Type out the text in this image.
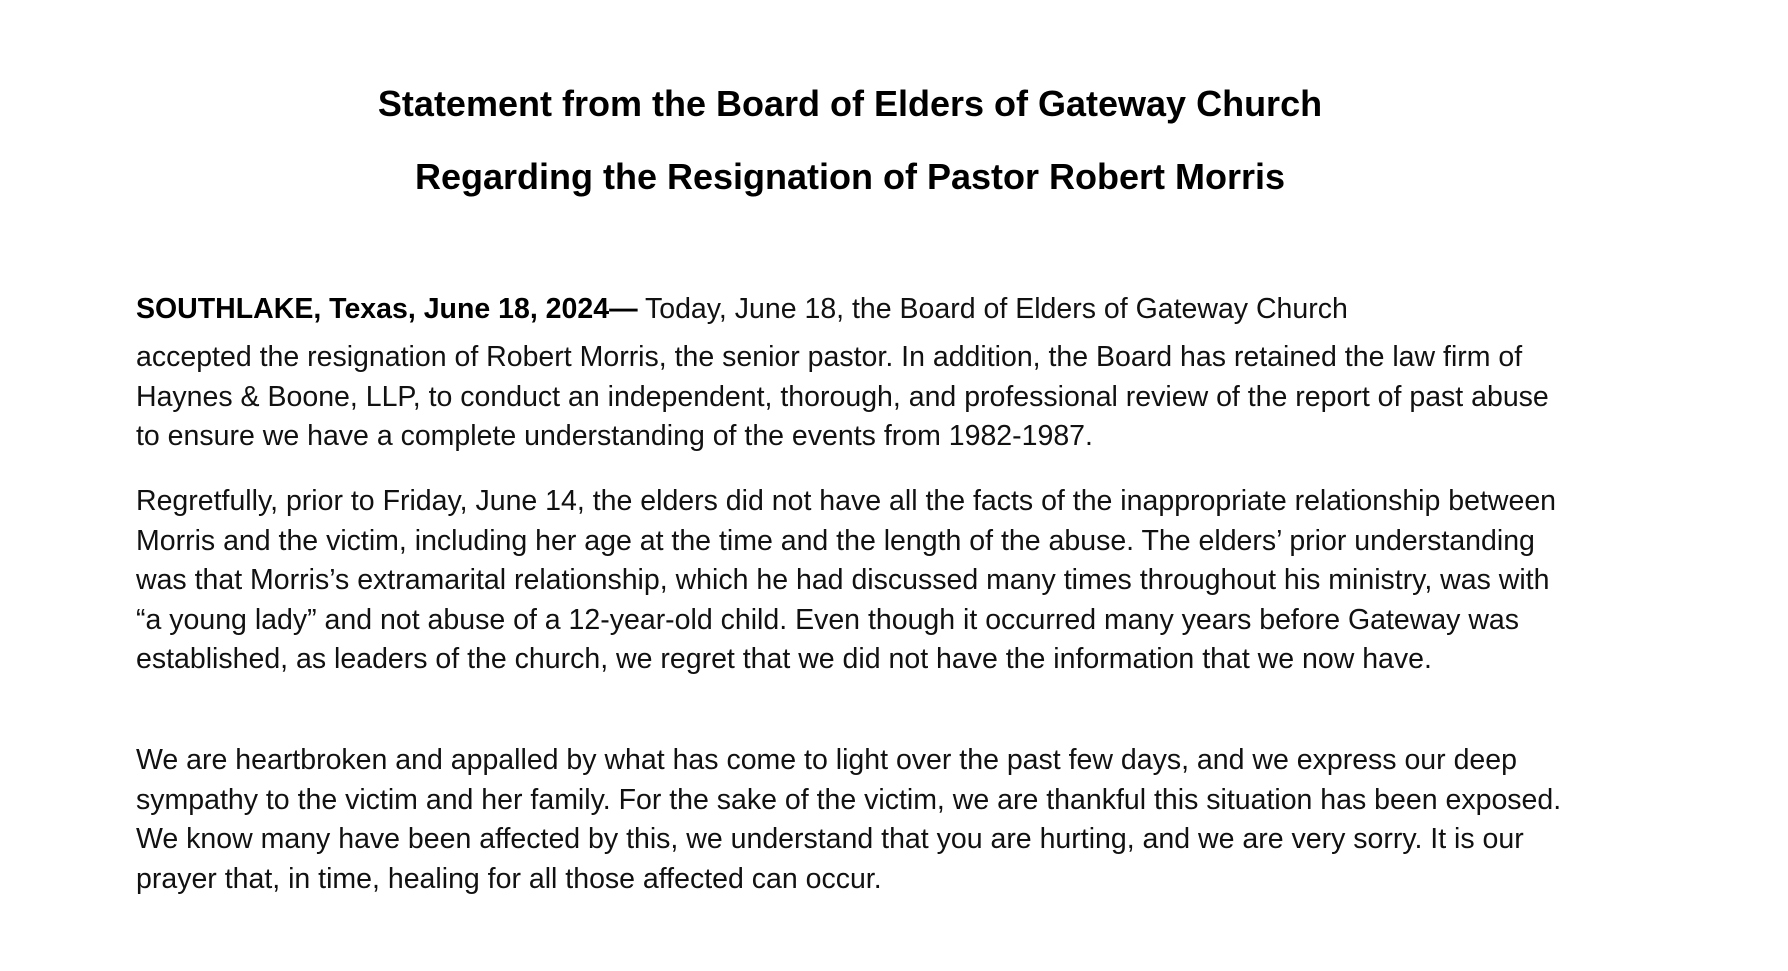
Statement from the Board of Elders of Gateway Church
Regarding the Resignation of Pastor Robert Morris
SOUTHLAKE, Texas, June 18, 2024— Today, June 18, the Board of Elders of Gateway Church

accepted the resignation of Robert Morris, the senior pastor. In addition, the Board has retained the law firm of Haynes & Boone, LLP, to conduct an independent, thorough, and professional review of the report of past abuse to ensure we have a complete understanding of the events from 1982-1987.

Regretfully, prior to Friday, June 14, the elders did not have all the facts of the inappropriate relationship between Morris and the victim, including her age at the time and the length of the abuse. The elders’ prior understanding was that Morris’s extramarital relationship, which he had discussed many times throughout his ministry, was with “a young lady” and not abuse of a 12-year-old child. Even though it occurred many years before Gateway was established, as leaders of the church, we regret that we did not have the information that we now have.

We are heartbroken and appalled by what has come to light over the past few days, and we express our deep sympathy to the victim and her family. For the sake of the victim, we are thankful this situation has been exposed. We know many have been affected by this, we understand that you are hurting, and we are very sorry. It is our prayer that, in time, healing for all those affected can occur.
